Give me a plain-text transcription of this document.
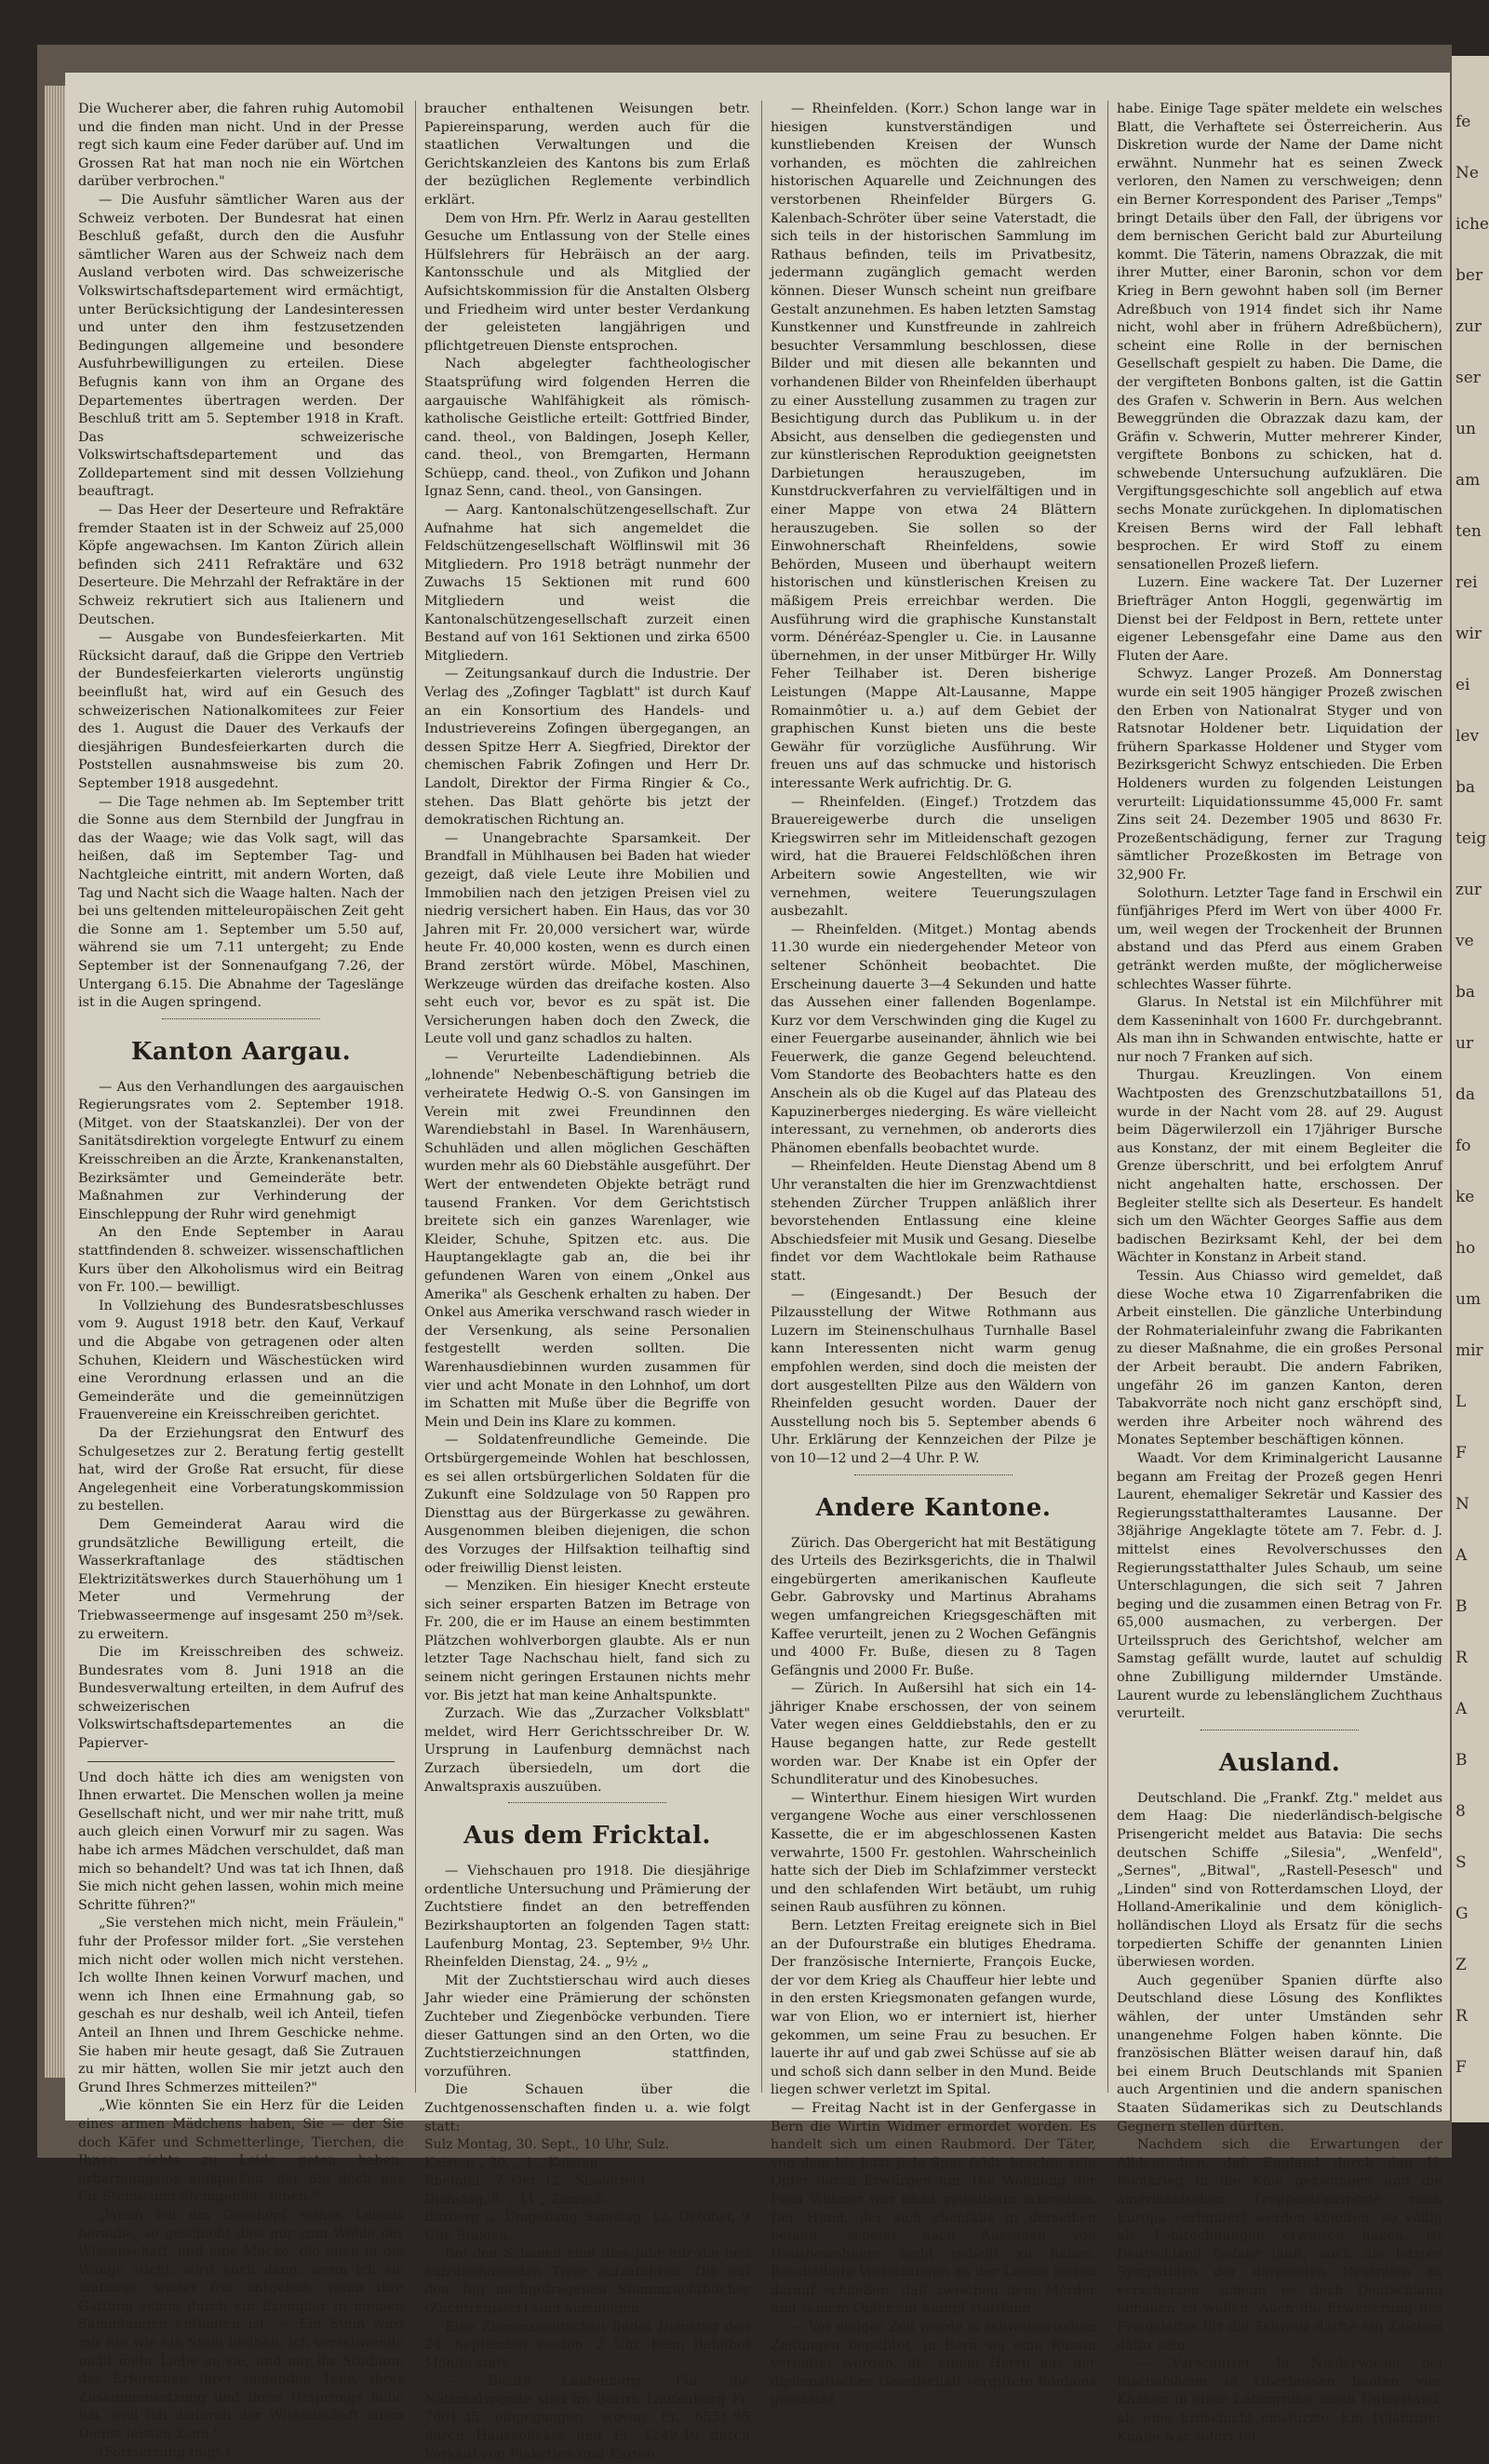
Die Wucherer aber, die fahren ruhig Automobil und die finden man nicht. Und in der Presse regt sich kaum eine Feder darüber auf. Und im Grossen Rat hat man noch nie ein Wörtchen darüber verbrochen."

— Die Ausfuhr sämtlicher Waren aus der Schweiz verboten. Der Bundesrat hat einen Beschluß gefaßt, durch den die Ausfuhr sämtlicher Waren aus der Schweiz nach dem Ausland verboten wird. Das schweizerische Volkswirtschaftsdepartement wird ermächtigt, unter Berücksichtigung der Landesinteressen und unter den ihm festzusetzenden Bedingungen allgemeine und besondere Ausfuhrbewilligungen zu erteilen. Diese Befugnis kann von ihm an Organe des Departementes übertragen werden. Der Beschluß tritt am 5. September 1918 in Kraft. Das schweizerische Volkswirtschaftsdepartement und das Zolldepartement sind mit dessen Vollziehung beauftragt.

— Das Heer der Deserteure und Refraktäre fremder Staaten ist in der Schweiz auf 25,000 Köpfe angewachsen. Im Kanton Zürich allein befinden sich 2411 Refraktäre und 632 Deserteure. Die Mehrzahl der Refraktäre in der Schweiz rekrutiert sich aus Italienern und Deutschen.

— Ausgabe von Bundesfeierkarten. Mit Rücksicht darauf, daß die Grippe den Vertrieb der Bundesfeierkarten vielerorts ungünstig beeinflußt hat, wird auf ein Gesuch des schweizerischen Nationalkomitees zur Feier des 1. August die Dauer des Verkaufs der diesjährigen Bundesfeierkarten durch die Poststellen ausnahmsweise bis zum 20. September 1918 ausgedehnt.

— Die Tage nehmen ab. Im September tritt die Sonne aus dem Sternbild der Jungfrau in das der Waage; wie das Volk sagt, will das heißen, daß im September Tag- und Nachtgleiche eintritt, mit andern Worten, daß Tag und Nacht sich die Waage halten. Nach der bei uns geltenden mitteleuropäischen Zeit geht die Sonne am 1. September um 5.50 auf, während sie um 7.11 untergeht; zu Ende September ist der Sonnenaufgang 7.26, der Untergang 6.15. Die Abnahme der Tageslänge ist in die Augen springend.

Kanton Aargau.

— Aus den Verhandlungen des aargauischen Regierungsrates vom 2. September 1918. (Mitget. von der Staatskanzlei). Der von der Sanitätsdirektion vorgelegte Entwurf zu einem Kreisschreiben an die Ärzte, Krankenanstalten, Bezirksämter und Gemeinderäte betr. Maßnahmen zur Verhinderung der Einschleppung der Ruhr wird genehmigt

An den Ende September in Aarau stattfindenden 8. schweizer. wissenschaftlichen Kurs über den Alkoholismus wird ein Beitrag von Fr. 100.— bewilligt.

In Vollziehung des Bundesratsbeschlusses vom 9. August 1918 betr. den Kauf, Verkauf und die Abgabe von getragenen oder alten Schuhen, Kleidern und Wäschestücken wird eine Verordnung erlassen und an die Gemeinderäte und die gemeinnützigen Frauenvereine ein Kreisschreiben gerichtet.

Da der Erziehungsrat den Entwurf des Schulgesetzes zur 2. Beratung fertig gestellt hat, wird der Große Rat ersucht, für diese Angelegenheit eine Vorberatungskommission zu bestellen.

Dem Gemeinderat Aarau wird die grundsätzliche Bewilligung erteilt, die Wasserkraftanlage des städtischen Elektrizitätswerkes durch Stauerhöhung um 1 Meter und Vermehrung der Triebwasseermenge auf insgesamt 250 m³/sek. zu erweitern.

Die im Kreisschreiben des schweiz. Bundesrates vom 8. Juni 1918 an die Bundesverwaltung erteilten, in dem Aufruf des schweizerischen Volkswirtschaftsdepartementes an die Papierver-

Und doch hätte ich dies am wenigsten von Ihnen erwartet. Die Menschen wollen ja meine Gesellschaft nicht, und wer mir nahe tritt, muß auch gleich einen Vorwurf mir zu sagen. Was habe ich armes Mädchen verschuldet, daß man mich so behandelt? Und was tat ich Ihnen, daß Sie mich nicht gehen lassen, wohin mich meine Schritte führen?"

„Sie verstehen mich nicht, mein Fräulein," fuhr der Professor milder fort. „Sie verstehen mich nicht oder wollen mich nicht verstehen. Ich wollte Ihnen keinen Vorwurf machen, und wenn ich Ihnen eine Ermahnung gab, so geschah es nur deshalb, weil ich Anteil, tiefen Anteil an Ihnen und Ihrem Geschicke nehme. Sie haben mir heute gesagt, daß Sie Zutrauen zu mir hätten, wollen Sie mir jetzt auch den Grund Ihres Schmerzes mitteilen?"

„Wie könnten Sie ein Herz für die Leiden eines armen Mädchens haben, Sie — der Sie doch Käfer und Schmetterlinge, Tierchen, die Ihnen nichts zu Leide getan haben, erbarmungslos aufspießen, der Sie doch nur für Steine und Steingebilde leben?"

„Wenn ich ein Geschöpf seines Lebens beraube, so geschieht dies nur zum Wohle der Wissenschaft, und eine Mücke, die mich in die Wange sticht, wird auch dann, wenn ich sie einfange, weiter frei entgehen, wenn ihre Gattung schon durch ein Exemplar in meinen Sammlungen enthalten ist. — Ein Stein wird mir nie wie ein Stein bleiben; ich verschwende nicht mehr Liebe an sie, und nur ihr Studium, das Erforschen ihrer bildenden Teile, ihrer Zusammensetzung und ihres Ursprungs liebe ich, weil ich dadurch der Wissenschaft einen Dienst leisten kann."

(Fortsetzung folgt.)

braucher enthaltenen Weisungen betr. Papiereinsparung, werden auch für die staatlichen Verwaltungen und die Gerichtskanzleien des Kantons bis zum Erlaß der bezüglichen Reglemente verbindlich erklärt.

Dem von Hrn. Pfr. Werlz in Aarau gestellten Gesuche um Entlassung von der Stelle eines Hülfslehrers für Hebräisch an der aarg. Kantonsschule und als Mitglied der Aufsichtskommission für die Anstalten Olsberg und Friedheim wird unter bester Verdankung der geleisteten langjährigen und pflichtgetreuen Dienste entsprochen.

Nach abgelegter fachtheologischer Staatsprüfung wird folgenden Herren die aargauische Wahlfähigkeit als römisch-katholische Geistliche erteilt: Gottfried Binder, cand. theol., von Baldingen, Joseph Keller, cand. theol., von Bremgarten, Hermann Schüepp, cand. theol., von Zufikon und Johann Ignaz Senn, cand. theol., von Gansingen.

— Aarg. Kantonalschützengesellschaft. Zur Aufnahme hat sich angemeldet die Feldschützengesellschaft Wölflinswil mit 36 Mitgliedern. Pro 1918 beträgt nunmehr der Zuwachs 15 Sektionen mit rund 600 Mitgliedern und weist die Kantonalschützengesellschaft zurzeit einen Bestand auf von 161 Sektionen und zirka 6500 Mitgliedern.

— Zeitungsankauf durch die Industrie. Der Verlag des „Zofinger Tagblatt" ist durch Kauf an ein Konsortium des Handels- und Industrievereins Zofingen übergegangen, an dessen Spitze Herr A. Siegfried, Direktor der chemischen Fabrik Zofingen und Herr Dr. Landolt, Direktor der Firma Ringier & Co., stehen. Das Blatt gehörte bis jetzt der demokratischen Richtung an.

— Unangebrachte Sparsamkeit. Der Brandfall in Mühlhausen bei Baden hat wieder gezeigt, daß viele Leute ihre Mobilien und Immobilien nach den jetzigen Preisen viel zu niedrig versichert haben. Ein Haus, das vor 30 Jahren mit Fr. 20,000 versichert war, würde heute Fr. 40,000 kosten, wenn es durch einen Brand zerstört würde. Möbel, Maschinen, Werkzeuge würden das dreifache kosten. Also seht euch vor, bevor es zu spät ist. Die Versicherungen haben doch den Zweck, die Leute voll und ganz schadlos zu halten.

— Verurteilte Ladendiebinnen. Als „lohnende" Nebenbeschäftigung betrieb die verheiratete Hedwig O.-S. von Gansingen im Verein mit zwei Freundinnen den Warendiebstahl in Basel. In Warenhäusern, Schuhläden und allen möglichen Geschäften wurden mehr als 60 Diebstähle ausgeführt. Der Wert der entwendeten Objekte beträgt rund tausend Franken. Vor dem Gerichtstisch breitete sich ein ganzes Warenlager, wie Kleider, Schuhe, Spitzen etc. aus. Die Hauptangeklagte gab an, die bei ihr gefundenen Waren von einem „Onkel aus Amerika" als Geschenk erhalten zu haben. Der Onkel aus Amerika verschwand rasch wieder in der Versenkung, als seine Personalien festgestellt werden sollten. Die Warenhausdiebinnen wurden zusammen für vier und acht Monate in den Lohnhof, um dort im Schatten mit Muße über die Begriffe von Mein und Dein ins Klare zu kommen.

— Soldatenfreundliche Gemeinde. Die Ortsbürgergemeinde Wohlen hat beschlossen, es sei allen ortsbürgerlichen Soldaten für die Zukunft eine Soldzulage von 50 Rappen pro Diensttag aus der Bürgerkasse zu gewähren. Ausgenommen bleiben diejenigen, die schon des Vorzuges der Hilfsaktion teilhaftig sind oder freiwillig Dienst leisten.

— Menziken. Ein hiesiger Knecht ersteute sich seiner ersparten Batzen im Betrage von Fr. 200, die er im Hause an einem bestimmten Plätzchen wohlverborgen glaubte. Als er nun letzter Tage Nachschau hielt, fand sich zu seinem nicht geringen Erstaunen nichts mehr vor. Bis jetzt hat man keine Anhaltspunkte.

Zurzach. Wie das „Zurzacher Volksblatt" meldet, wird Herr Gerichtsschreiber Dr. W. Ursprung in Laufenburg demnächst nach Zurzach übersiedeln, um dort die Anwaltspraxis auszuüben.

Aus dem Fricktal.

— Viehschauen pro 1918. Die diesjährige ordentliche Untersuchung und Prämierung der Zuchtstiere findet an den betreffenden Bezirkshauptorten an folgenden Tagen statt: Laufenburg Montag, 23. September, 9½ Uhr. Rheinfelden Dienstag, 24. „ 9½ „

Mit der Zuchtstierschau wird auch dieses Jahr wieder eine Prämierung der schönsten Zuchteber und Ziegenböcke verbunden. Tiere dieser Gattungen sind an den Orten, wo die Zuchtstierzeichnungen stattfinden, vorzuführen.

Die Schauen über die Zuchtgenossenschaften finden u. a. wie folgt statt:

Sulz Montag, 30. Sept., 10 Uhr, Sulz.

Kaisten „ 30. „ 1 „ Kaisten

Rheintal „ 7. Okt. 12 „ Sisslerfeld

Dienstag, 8. „ 11 „ Zurzach

Bözberg u. Umgebung Samstag, 12. Oktober, 9 Uhr, Stalden.

Bei den Schauen sind dies Jahr nur die neu aufzunehmenden Tiere aufzuführen. Die auf den Tag nachgetragenen Stammzuchtbücher (Zuchtregister) sind aufzulegen.

Eine Ziegenzuchtschau findet Dienstag den 24. September nachm. 2 Uhr, beim Bahnhof Möhlin statt.

— Bezirk Laufenburg. Für die Nationalspende sind im Bezirk Laufenburg Fr. 7801.35 eingegangen, wovon Fr. 6551.95 durch Hauskollekte und Fr. 1249.40 durch Verkauf von Plaketten und Karten.

— Rheinfelden. (Korr.) Schon lange war in hiesigen kunstverständigen und kunstliebenden Kreisen der Wunsch vorhanden, es möchten die zahlreichen historischen Aquarelle und Zeichnungen des verstorbenen Rheinfelder Bürgers G. Kalenbach-Schröter über seine Vaterstadt, die sich teils in der historischen Sammlung im Rathaus befinden, teils im Privatbesitz, jedermann zugänglich gemacht werden können. Dieser Wunsch scheint nun greifbare Gestalt anzunehmen. Es haben letzten Samstag Kunstkenner und Kunstfreunde in zahlreich besuchter Versammlung beschlossen, diese Bilder und mit diesen alle bekannten und vorhandenen Bilder von Rheinfelden überhaupt zu einer Ausstellung zusammen zu tragen zur Besichtigung durch das Publikum u. in der Absicht, aus denselben die gediegensten und zur künstlerischen Reproduktion geeignetsten Darbietungen herauszugeben, im Kunstdruckverfahren zu vervielfältigen und in einer Mappe von etwa 24 Blättern herauszugeben. Sie sollen so der Einwohnerschaft Rheinfeldens, sowie Behörden, Museen und überhaupt weitern historischen und künstlerischen Kreisen zu mäßigem Preis erreichbar werden. Die Ausführung wird die graphische Kunstanstalt vorm. Dénéréaz-Spengler u. Cie. in Lausanne übernehmen, in der unser Mitbürger Hr. Willy Feher Teilhaber ist. Deren bisherige Leistungen (Mappe Alt-Lausanne, Mappe Romainmôtier u. a.) auf dem Gebiet der graphischen Kunst bieten uns die beste Gewähr für vorzügliche Ausführung. Wir freuen uns auf das schmucke und historisch interessante Werk aufrichtig. Dr. G.

— Rheinfelden. (Eingef.) Trotzdem das Brauereigewerbe durch die unseligen Kriegswirren sehr im Mitleidenschaft gezogen wird, hat die Brauerei Feldschlößchen ihren Arbeitern sowie Angestellten, wie wir vernehmen, weitere Teuerungszulagen ausbezahlt.

— Rheinfelden. (Mitget.) Montag abends 11.30 wurde ein niedergehender Meteor von seltener Schönheit beobachtet. Die Erscheinung dauerte 3—4 Sekunden und hatte das Aussehen einer fallenden Bogenlampe. Kurz vor dem Verschwinden ging die Kugel zu einer Feuergarbe auseinander, ähnlich wie bei Feuerwerk, die ganze Gegend beleuchtend. Vom Standorte des Beobachters hatte es den Anschein als ob die Kugel auf das Plateau des Kapuzinerberges niederging. Es wäre vielleicht interessant, zu vernehmen, ob anderorts dies Phänomen ebenfalls beobachtet wurde.

— Rheinfelden. Heute Dienstag Abend um 8 Uhr veranstalten die hier im Grenzwachtdienst stehenden Zürcher Truppen anläßlich ihrer bevorstehenden Entlassung eine kleine Abschiedsfeier mit Musik und Gesang. Dieselbe findet vor dem Wachtlokale beim Rathause statt.

— (Eingesandt.) Der Besuch der Pilzausstellung der Witwe Rothmann aus Luzern im Steinenschulhaus Turnhalle Basel kann Interessenten nicht warm genug empfohlen werden, sind doch die meisten der dort ausgestellten Pilze aus den Wäldern von Rheinfelden gesucht worden. Dauer der Ausstellung noch bis 5. September abends 6 Uhr. Erklärung der Kennzeichen der Pilze je von 10—12 und 2—4 Uhr. P. W.

Andere Kantone.

Zürich. Das Obergericht hat mit Bestätigung des Urteils des Bezirksgerichts, die in Thalwil eingebürgerten amerikanischen Kaufleute Gebr. Gabrovsky und Martinus Abrahams wegen umfangreichen Kriegsgeschäften mit Kaffee verurteilt, jenen zu 2 Wochen Gefängnis und 4000 Fr. Buße, diesen zu 8 Tagen Gefängnis und 2000 Fr. Buße.

— Zürich. In Außersihl hat sich ein 14-jähriger Knabe erschossen, der von seinem Vater wegen eines Gelddiebstahls, den er zu Hause begangen hatte, zur Rede gestellt worden war. Der Knabe ist ein Opfer der Schundliteratur und des Kinobesuches.

— Winterthur. Einem hiesigen Wirt wurden vergangene Woche aus einer verschlossenen Kassette, die er im abgeschlossenen Kasten verwahrte, 1500 Fr. gestohlen. Wahrscheinlich hatte sich der Dieb im Schlafzimmer versteckt und den schlafenden Wirt betäubt, um ruhig seinen Raub ausführen zu können.

Bern. Letzten Freitag ereignete sich in Biel an der Dufourstraße ein blutiges Ehedrama. Der französische Internierte, François Eucke, der vor dem Krieg als Chauffeur hier lebte und in den ersten Kriegsmonaten gefangen wurde, war von Elion, wo er interniert ist, hierher gekommen, um seine Frau zu besuchen. Er lauerte ihr auf und gab zwei Schüsse auf sie ab und schoß sich dann selber in den Mund. Beide liegen schwer verletzt im Spital.

— Freitag Nacht ist in der Genfergasse in Bern die Wirtin Widmer ermordet worden. Es handelt sich um einen Raubmord. Der Täter, von dem bis jetzt jede Spur fehlt, brachte sein Opfer durch Erwürgen um. Die Wohnung der Frau Widmer war nicht gewaltsam erbrochen. Der Hund, der sich ebenfalls in derselben befand, scheint nach Aussagen von Hausbewohnern nicht gebellt zu haben. Beschädigte Verletzungen an der Leiche lassen darauf schließen, daß zwischen dem Mörder und seinem Opfer ein Kampf stattfand.

— Vor einiger Zeit wurde in schweizerischen Zeitungen berichtet, in Bern sei eine Russin verhaftet worden, die einem Herrn aus der diplomatischen Gesellschaft vergiftete Bonbons geschickt

habe. Einige Tage später meldete ein welsches Blatt, die Verhaftete sei Österreicherin. Aus Diskretion wurde der Name der Dame nicht erwähnt. Nunmehr hat es seinen Zweck verloren, den Namen zu verschweigen; denn ein Berner Korrespondent des Pariser „Temps" bringt Details über den Fall, der übrigens vor dem bernischen Gericht bald zur Aburteilung kommt. Die Täterin, namens Obrazzak, die mit ihrer Mutter, einer Baronin, schon vor dem Krieg in Bern gewohnt haben soll (im Berner Adreßbuch von 1914 findet sich ihr Name nicht, wohl aber in frühern Adreßbüchern), scheint eine Rolle in der bernischen Gesellschaft gespielt zu haben. Die Dame, die der vergifteten Bonbons galten, ist die Gattin des Grafen v. Schwerin in Bern. Aus welchen Beweggründen die Obrazzak dazu kam, der Gräfin v. Schwerin, Mutter mehrerer Kinder, vergiftete Bonbons zu schicken, hat d. schwebende Untersuchung aufzuklären. Die Vergiftungsgeschichte soll angeblich auf etwa sechs Monate zurückgehen. In diplomatischen Kreisen Berns wird der Fall lebhaft besprochen. Er wird Stoff zu einem sensationellen Prozeß liefern.

Luzern. Eine wackere Tat. Der Luzerner Briefträger Anton Hoggli, gegenwärtig im Dienst bei der Feldpost in Bern, rettete unter eigener Lebensgefahr eine Dame aus den Fluten der Aare.

Schwyz. Langer Prozeß. Am Donnerstag wurde ein seit 1905 hängiger Prozeß zwischen den Erben von Nationalrat Styger und von Ratsnotar Holdener betr. Liquidation der frühern Sparkasse Holdener und Styger vom Bezirksgericht Schwyz entschieden. Die Erben Holdeners wurden zu folgenden Leistungen verurteilt: Liquidationssumme 45,000 Fr. samt Zins seit 24. Dezember 1905 und 8630 Fr. Prozeßentschädigung, ferner zur Tragung sämtlicher Prozeßkosten im Betrage von 32,900 Fr.

Solothurn. Letzter Tage fand in Erschwil ein fünfjähriges Pferd im Wert von über 4000 Fr. um, weil wegen der Trockenheit der Brunnen abstand und das Pferd aus einem Graben getränkt werden mußte, der möglicherweise schlechtes Wasser führte.

Glarus. In Netstal ist ein Milchführer mit dem Kasseninhalt von 1600 Fr. durchgebrannt. Als man ihn in Schwanden entwischte, hatte er nur noch 7 Franken auf sich.

Thurgau. Kreuzlingen. Von einem Wachtposten des Grenzschutzbataillons 51, wurde in der Nacht vom 28. auf 29. August beim Dägerwilerzoll ein 17jähriger Bursche aus Konstanz, der mit einem Begleiter die Grenze überschritt, und bei erfolgtem Anruf nicht angehalten hatte, erschossen. Der Begleiter stellte sich als Deserteur. Es handelt sich um den Wächter Georges Saffie aus dem badischen Bezirksamt Kehl, der bei dem Wächter in Konstanz in Arbeit stand.

Tessin. Aus Chiasso wird gemeldet, daß diese Woche etwa 10 Zigarrenfabriken die Arbeit einstellen. Die gänzliche Unterbindung der Rohmaterialeinfuhr zwang die Fabrikanten zu dieser Maßnahme, die ein großes Personal der Arbeit beraubt. Die andern Fabriken, ungefähr 26 im ganzen Kanton, deren Tabakvorräte noch nicht ganz erschöpft sind, werden ihre Arbeiter noch während des Monates September beschäftigen können.

Waadt. Vor dem Kriminalgericht Lausanne begann am Freitag der Prozeß gegen Henri Laurent, ehemaliger Sekretär und Kassier des Regierungsstatthalteramtes Lausanne. Der 38jährige Angeklagte tötete am 7. Febr. d. J. mittelst eines Revolverschusses den Regierungsstatthalter Jules Schaub, um seine Unterschlagungen, die sich seit 7 Jahren beging und die zusammen einen Betrag von Fr. 65,000 ausmachen, zu verbergen. Der Urteilsspruch des Gerichtshof, welcher am Samstag gefällt wurde, lautet auf schuldig ohne Zubilligung mildernder Umstände. Laurent wurde zu lebenslänglichem Zuchthaus verurteilt.

Ausland.

Deutschland. Die „Frankf. Ztg." meldet aus dem Haag: Die niederländisch-belgische Prisengericht meldet aus Batavia: Die sechs deutschen Schiffe „Silesia", „Wenfeld", „Sernes", „Bitwal", „Rastell-Pesesch" und „Linden" sind von Rotterdamschen Lloyd, der Holland-Amerikalinie und dem königlich-holländischen Lloyd als Ersatz für die sechs torpedierten Schiffe der genannten Linien überwiesen worden.

Auch gegenüber Spanien dürfte also Deutschland diese Lösung des Konfliktes wählen, der unter Umständen sehr unangenehme Folgen haben könnte. Die französischen Blätter weisen darauf hin, daß bei einem Bruch Deutschlands mit Spanien auch Argentinien und die andern spanischen Staaten Südamerikas sich zu Deutschlands Gegnern stellen dürften.

Nachdem sich die Erwartungen der Alldeutschen, daß England durch den U-Bootkrieg in die Knie gezwungen und die amerikanischen Truppentransporte nach Europa verhindert werden könnten, so völlig als Fehlrechnungen erwiesen haben, ist Deutschland Gefahr läuft, auch die letzten Sympathien der dorbenden Neutralen zu verscherzen, scheint es doch Deutschland abhauen zu wollen. Auch die Erweiterung des Freigeleites für die Schweiz dürfte ein Zeichen dafür sein.

— Verschüttet. In Niederwiesel bei Bischofsheim in Oberhessen hauten vier Knaben in einer Lehmgrube einen Unterstand, als eine Erdschicht einstürzte. Ein 10jähriger Knabe war sofort tot,

fe

Ne

iche

ber

zur

ser

un

am

ten

rei

wir

ei

lev

ba

teig

zur

ve

ba

ur

da

fo

ke

ho

um

mir

L

F

N

A

B

R

A

B

8

S

G

Z

R

F
